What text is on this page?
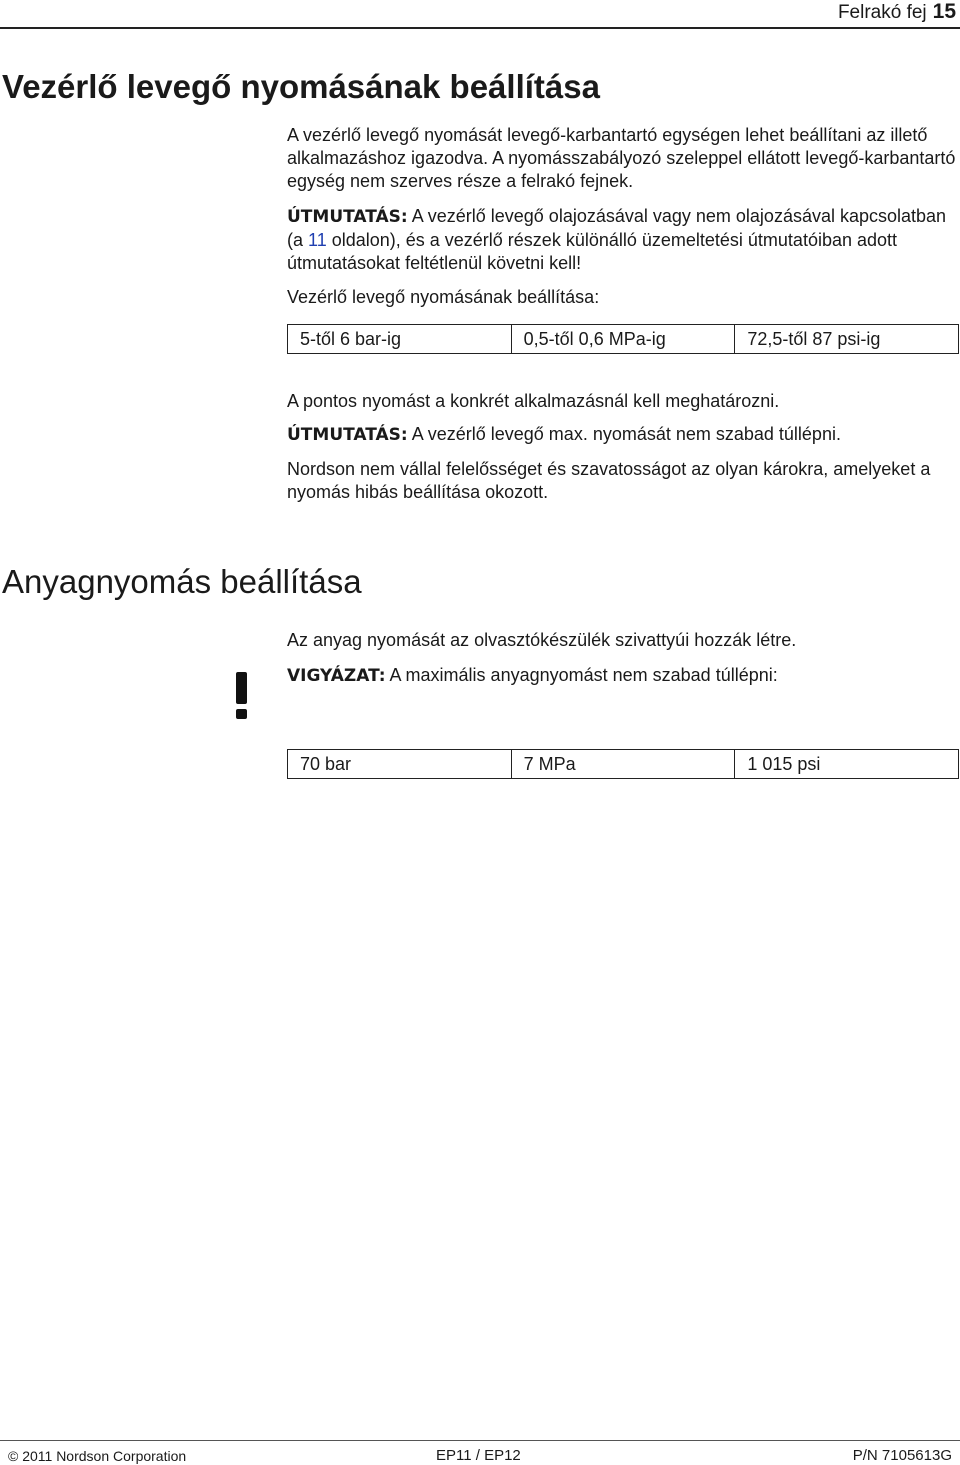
Felrakó fej 15
Vezérlő levegő nyomásának beállítása

A vezérlő levegő nyomását levegő-karbantartó egységen lehet beállítani az illető alkalmazáshoz igazodva. A nyomásszabályozó szeleppel ellátott levegő-karbantartó egység nem szerves része a felrakó fejnek.

ÚTMUTATÁS: A vezérlő levegő olajozásával vagy nem olajozásával kapcsolatban (a 11 oldalon), és a vezérlő részek különálló üzemeltetési útmutatóiban adott útmutatásokat feltétlenül követni kell!

Vezérlő levegő nyomásának beállítása:

5-től 6 bar-ig	0,5-től 0,6 MPa-ig	72,5-től 87 psi-ig

A pontos nyomást a konkrét alkalmazásnál kell meghatározni.

ÚTMUTATÁS: A vezérlő levegő max. nyomását nem szabad túllépni.

Nordson nem vállal felelősséget és szavatosságot az olyan károkra, amelyeket a nyomás hibás beállítása okozott.

Anyagnyomás beállítása

Az anyag nyomását az olvasztókészülék szivattyúi hozzák létre.

VIGYÁZAT: A maximális anyagnyomást nem szabad túllépni:

70 bar	7 MPa	1 015 psi
© 2011 Nordson Corporation	EP11 / EP12	P/N 7105613G
